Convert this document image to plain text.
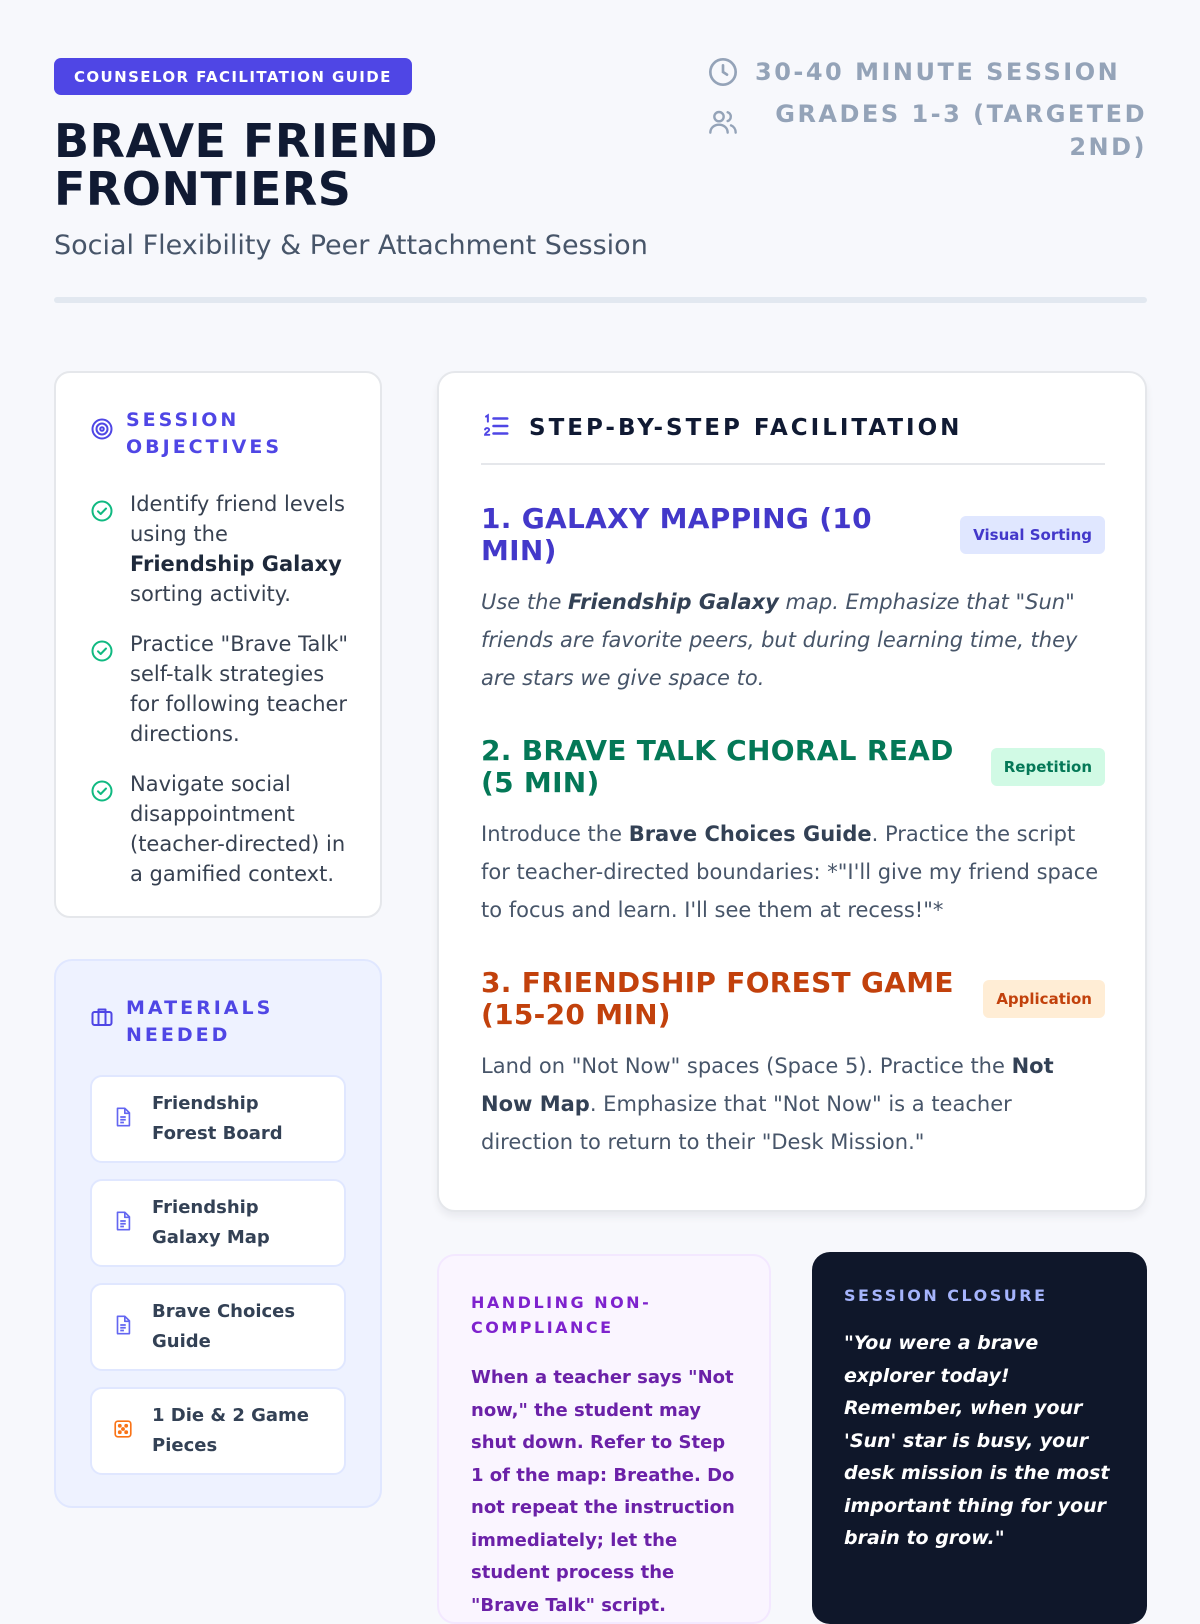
COUNSELOR FACILITATION GUIDE
BRAVE FRIEND FRONTIERS
Social Flexibility & Peer Attachment Session
30-40 MINUTE SESSION
GRADES 1-3 (TARGETED 2ND)
SESSION OBJECTIVES
Identify friend levels using the Friendship Galaxy sorting activity.
Practice "Brave Talk" self-talk strategies for following teacher directions.
Navigate social disappointment (teacher-directed) in a gamified context.
MATERIALS NEEDED
Friendship Forest Board
Friendship Galaxy Map
Brave Choices Guide
1 Die & 2 Game Pieces
STEP-BY-STEP FACILITATION
1. GALAXY MAPPING (10 MIN)	Visual Sorting

Use the Friendship Galaxy map. Emphasize that "Sun" friends are favorite peers, but during learning time, they are stars we give space to.

2. BRAVE TALK CHORAL READ (5 MIN)	Repetition

Introduce the Brave Choices Guide. Practice the script for teacher-directed boundaries: *"I'll give my friend space to focus and learn. I'll see them at recess!"*

3. FRIENDSHIP FOREST GAME (15-20 MIN)	Application

Land on "Not Now" spaces (Space 5). Practice the Not Now Map. Emphasize that "Not Now" is a teacher direction to return to their "Desk Mission."

HANDLING NON-COMPLIANCE

When a teacher says "Not now," the student may shut down. Refer to Step 1 of the map: Breathe. Do not repeat the instruction immediately; let the student process the "Brave Talk" script.

SESSION CLOSURE

"You were a brave explorer today! Remember, when your 'Sun' star is busy, your desk mission is the most important thing for your brain to grow."
